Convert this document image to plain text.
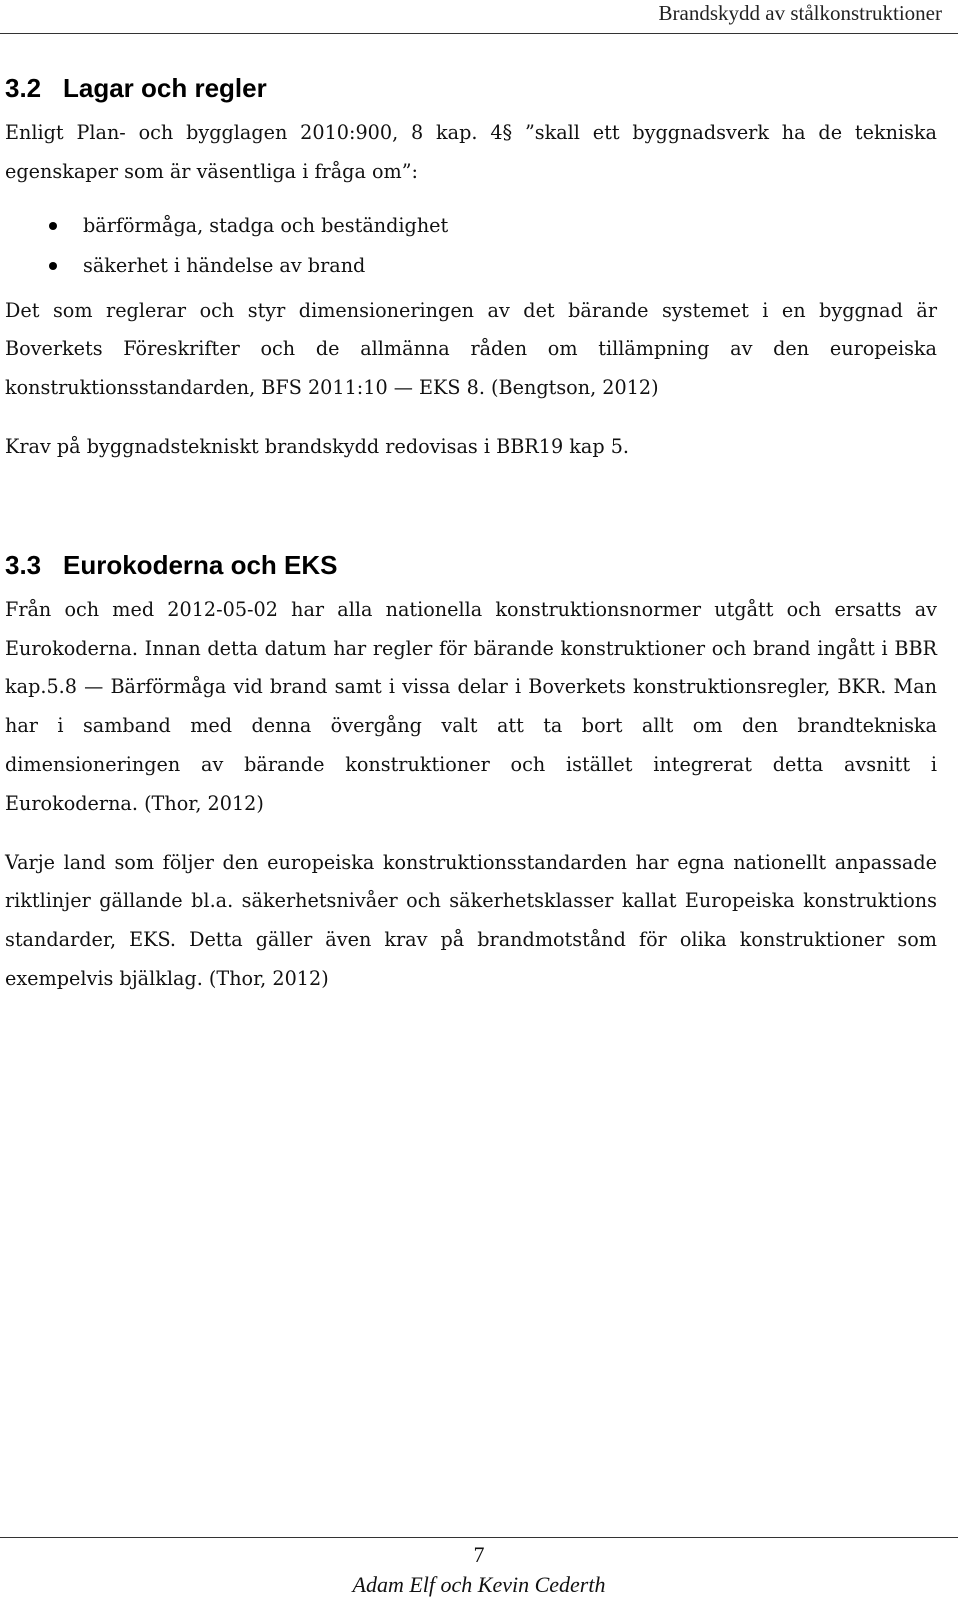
Brandskydd av stålkonstruktioner
3.2 Lagar och regler

Enligt Plan- och bygglagen 2010:900, 8 kap. 4§ ”skall ett byggnadsverk ha de tekniska egenskaper som är väsentliga i fråga om”:

bärförmåga, stadga och beständighet
säkerhet i händelse av brand

Det som reglerar och styr dimensioneringen av det bärande systemet i en byggnad är Boverkets Föreskrifter och de allmänna råden om tillämpning av den europeiska konstruktionsstandarden, BFS 2011:10 — EKS 8. (Bengtson, 2012)

Krav på byggnadstekniskt brandskydd redovisas i BBR19 kap 5.

3.3 Eurokoderna och EKS

Från och med 2012-05-02 har alla nationella konstruktionsnormer utgått och ersatts av Eurokoderna. Innan detta datum har regler för bärande konstruktioner och brand ingått i BBR kap.5.8 — Bärförmåga vid brand samt i vissa delar i Boverkets konstruktionsregler, BKR. Man har i samband med denna övergång valt att ta bort allt om den brandtekniska dimensioneringen av bärande konstruktioner och istället integrerat detta avsnitt i Eurokoderna. (Thor, 2012)

Varje land som följer den europeiska konstruktionsstandarden har egna nationellt anpassade riktlinjer gällande bl.a. säkerhetsnivåer och säkerhetsklasser kallat Europeiska konstruktions standarder, EKS. Detta gäller även krav på brandmotstånd för olika konstruktioner som exempelvis bjälklag. (Thor, 2012)

7
Adam Elf och Kevin Cederth
